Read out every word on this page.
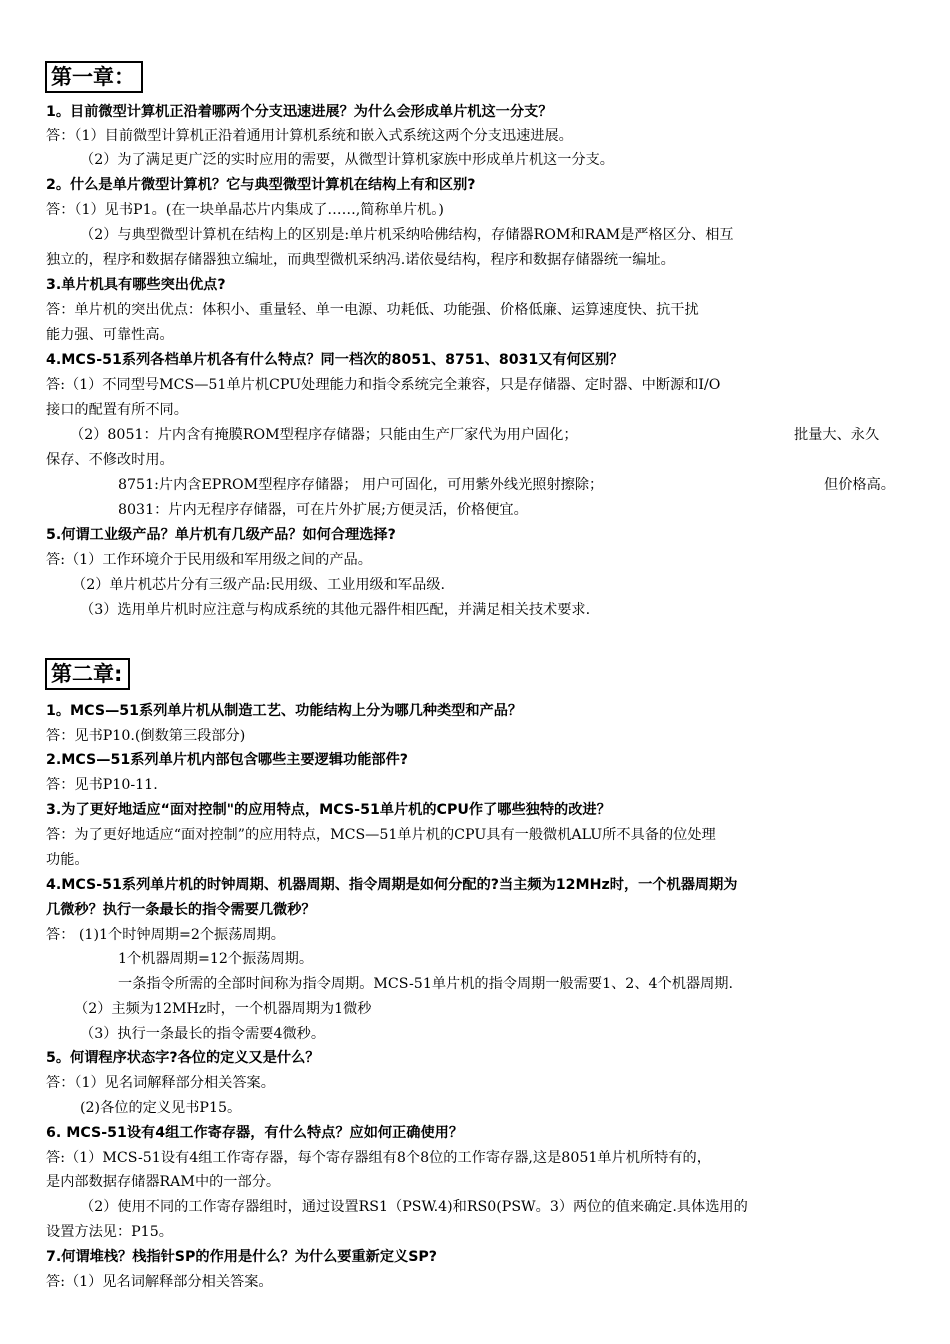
第一章：
1。目前微型计算机正沿着哪两个分支迅速进展？为什么会形成单片机这一分支？
答：（1）目前微型计算机正沿着通用计算机系统和嵌入式系统这两个分支迅速进展。
（2）为了满足更广泛的实时应用的需要，从微型计算机家族中形成单片机这一分支。
2。什么是单片微型计算机？它与典型微型计算机在结构上有和区别?
答：（1）见书P1。(在一块单晶芯片内集成了……,简称单片机。)
（2）与典型微型计算机在结构上的区别是:单片机采纳哈佛结构，存储器ROM和RAM是严格区分、相互
独立的，程序和数据存储器独立编址，而典型微机采纳冯.诺依曼结构，程序和数据存储器统一编址。
3.单片机具有哪些突出优点?
答：单片机的突出优点：体积小、重量轻、单一电源、功耗低、功能强、价格低廉、运算速度快、抗干扰
能力强、可靠性高。
4.MCS-51系列各档单片机各有什么特点？同一档次的8051、8751、8031又有何区别？
答:（1）不同型号MCS—51单片机CPU处理能力和指令系统完全兼容，只是存储器、定时器、中断源和I/O
接口的配置有所不同。
（2）8051：片内含有掩膜ROM型程序存储器；只能由生产厂家代为用户固化；	批量大、永久
保存、不修改时用。
8751:片内含EPROM型程序存储器； 用户可固化，可用紫外线光照射擦除；	但价格高。
8031：片内无程序存储器，可在片外扩展;方便灵活，价格便宜。
5.何谓工业级产品？单片机有几级产品？如何合理选择?
答:（1）工作环境介于民用级和军用级之间的产品。
（2）单片机芯片分有三级产品:民用级、工业用级和军品级.
（3）选用单片机时应注意与构成系统的其他元器件相匹配，并满足相关技术要求.
第二章:
1。MCS—51系列单片机从制造工艺、功能结构上分为哪几种类型和产品？
答：见书P10.(倒数第三段部分)
2.MCS—51系列单片机内部包含哪些主要逻辑功能部件?
答：见书P10-11.
3.为了更好地适应“面对控制"的应用特点，MCS-51单片机的CPU作了哪些独特的改进？
答：为了更好地适应“面对控制”的应用特点，MCS—51单片机的CPU具有一般微机ALU所不具备的位处理
功能。
4.MCS-51系列单片机的时钟周期、机器周期、指令周期是如何分配的?当主频为12MHz时，一个机器周期为
几微秒？执行一条最长的指令需要几微秒？
答： (1)1个时钟周期=2个振荡周期。
1个机器周期=12个振荡周期。
一条指令所需的全部时间称为指令周期。MCS-51单片机的指令周期一般需要1、2、4个机器周期.
（2）主频为12MHz时，一个机器周期为1微秒
（3）执行一条最长的指令需要4微秒。
5。何谓程序状态字?各位的定义又是什么？
答：（1）见名词解释部分相关答案。
(2)各位的定义见书P15。
6. MCS-51设有4组工作寄存器，有什么特点？应如何正确使用？
答:（1）MCS-51设有4组工作寄存器，每个寄存器组有8个8位的工作寄存器,这是8051单片机所特有的，
是内部数据存储器RAM中的一部分。
（2）使用不同的工作寄存器组时，通过设置RS1（PSW.4)和RS0(PSW。3）两位的值来确定.具体选用的
设置方法见：P15。
7.何谓堆栈？栈指针SP的作用是什么？为什么要重新定义SP?
答:（1）见名词解释部分相关答案。
